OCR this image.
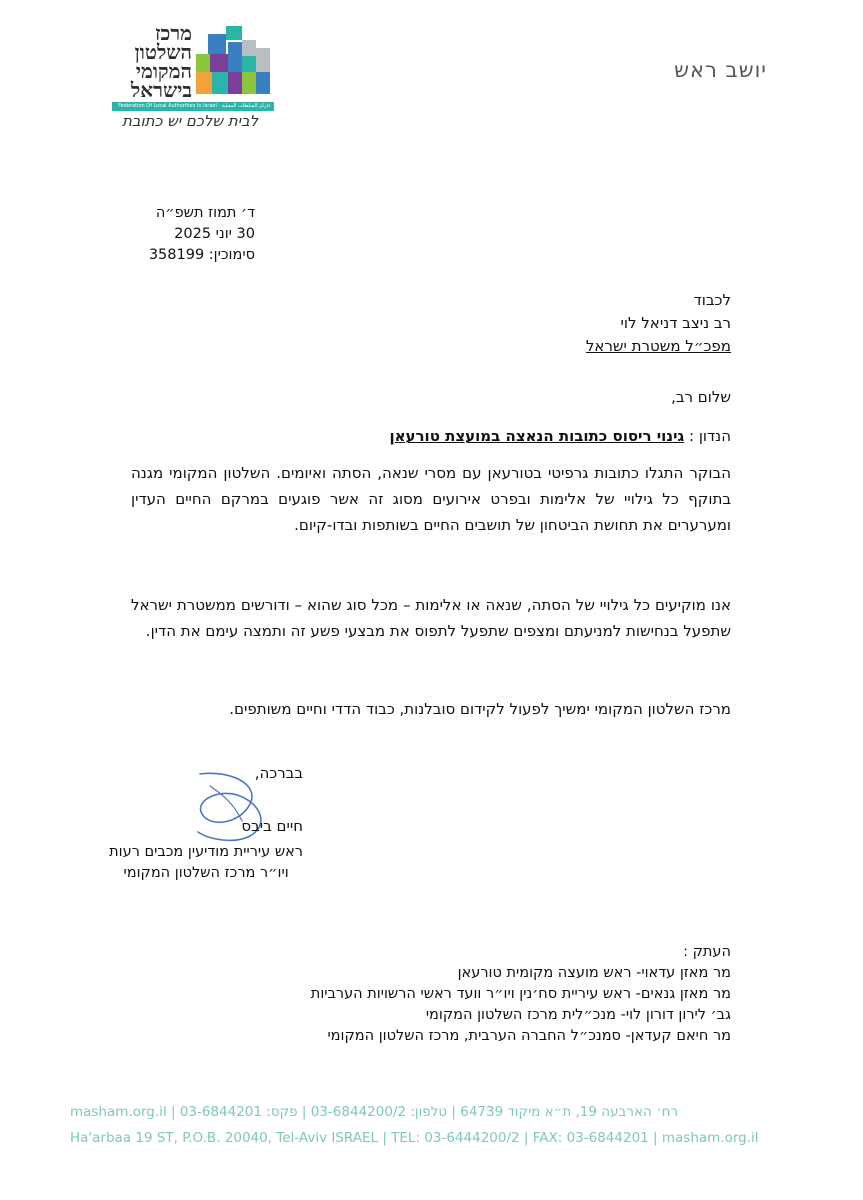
יושב ראש
מרכז
השלטון
המקומי
בישראל
מركز السلطات المحلية · Federation Of Local Authorities In Israel
לבית שלכם יש כתובת
ד׳ תמוז תשפ״ה
30 יוני 2025
סימוכין: 358199
לכבוד
רב ניצב דניאל לוי
מפכ״ל משטרת ישראל
שלום רב,
הנדון : גינוי ריסוס כתובות הנאצה במועצת טורעאן
הבוקר התגלו כתובות גרפיטי בטורעאן עם מסרי שנאה, הסתה ואיומים. השלטון המקומי מגנה בתוקף כל גילויי של אלימות ובפרט אירועים מסוג זה אשר פוגעים במרקם החיים העדין ומערערים את תחושת הביטחון של תושבים החיים בשותפות ובדו-קיום.
אנו מוקיעים כל גילויי של הסתה, שנאה או אלימות – מכל סוג שהוא – ודורשים ממשטרת ישראל שתפעל בנחישות למניעתם ומצפים שתפעל לתפוס את מבצעי פשע זה ותמצה עימם את הדין.
מרכז השלטון המקומי ימשיך לפעול לקידום סובלנות, כבוד הדדי וחיים משותפים.
בברכה,
חיים ביבס
ראש עיריית מודיעין מכבים רעות
ויו״ר מרכז השלטון המקומי
העתק :
מר מאזן עדאוי- ראש מועצה מקומית טורעאן
מר מאזן גנאים- ראש עיריית סח׳נין ויו״ר וועד ראשי הרשויות הערביות
גב׳ לירון דורון לוי- מנכ״לית מרכז השלטון המקומי
מר חיאם קעדאן- סמנכ״ל החברה הערבית, מרכז השלטון המקומי
רח׳ הארבעה 19, ת״א מיקוד 64739 | טלפון: 03-6844200/2 | פקס: 03-6844201 | masham.org.il
Ha'arbaa 19 ST, P.O.B. 20040, Tel-Aviv ISRAEL | TEL: 03-6444200/2 | FAX: 03-6844201 | masham.org.il
